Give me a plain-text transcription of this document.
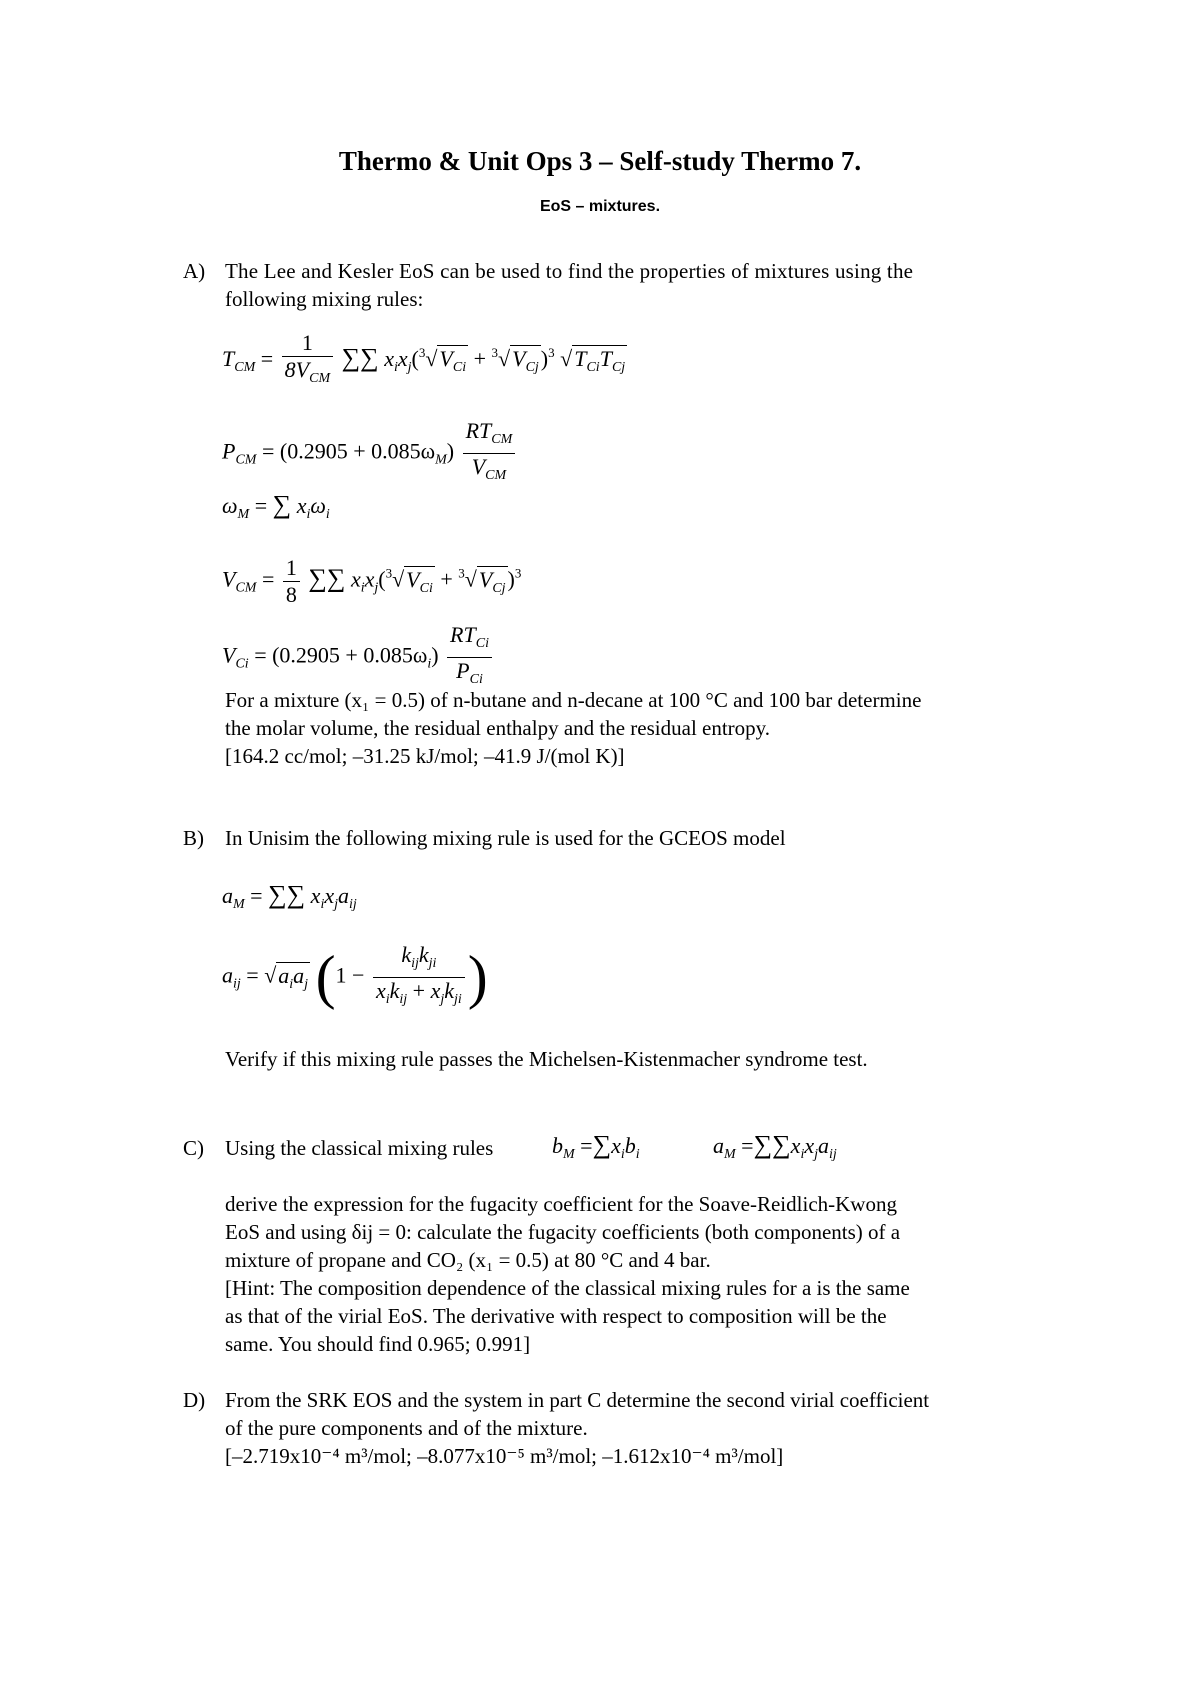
Thermo & Unit Ops 3 – Self-study Thermo 7.
EoS – mixtures.
A) The Lee and Kesler EoS can be used to find the properties of mixtures using the
following mixing rules:
$T_{CM} = \frac{1}{8V_{CM}}$ ∑∑ $x_ix_j(^3√V_{Ci} + ^3√V_{Cj})^3$ $√T_{Ci}T_{Cj}$
$P_{CM} = (0.2905 + 0.085\omega_M) \frac{RT_{CM}}{V_{CM}}$
$\omega_M$ = ∑ $x_i\omega_i$
$V_{CM} = \frac{1}{8}$ ∑∑ $x_ix_j(^3√V_{Ci} + ^3√V_{Cj})^3$
$V_{Ci} = (0.2905 + 0.085\omega_i) \frac{RT_{Ci}}{P_{Ci}}$
For a mixture (x₁ = 0.5) of n-butane and n-decane at 100 °C and 100 bar determine
the molar volume, the residual enthalpy and the residual entropy.
[164.2 cc/mol; –31.25 kJ/mol; –41.9 J/(mol K)]
B) In Unisim the following mixing rule is used for the GCEOS model
$a_M$ = ∑∑ $x_ix_ja_{ij}$
$a_{ij} = √a_ia_j$ ($1 - \frac{k_{ij}k_{ji}}{x_ik_{ij} + x_jk_{ji}}$ )
Verify if this mixing rule passes the Michelsen-Kistenmacher syndrome test.
C) Using the classical mixing rules	$b_M =\sum x_ib_i$	$a_M =\sum\sum x_ix_ja_{ij}$
derive the expression for the fugacity coefficient for the Soave-Reidlich-Kwong
EoS and using δij = 0: calculate the fugacity coefficients (both components) of a
mixture of propane and CO₂ (x₁ = 0.5) at 80 °C and 4 bar.
[Hint: The composition dependence of the classical mixing rules for a is the same
as that of the virial EoS. The derivative with respect to composition will be the
same. You should find 0.965; 0.991]
D) From the SRK EOS and the system in part C determine the second virial coefficient
of the pure components and of the mixture.
[–2.719x10⁻⁴ m³/mol; –8.077x10⁻⁵ m³/mol; –1.612x10⁻⁴ m³/mol]
